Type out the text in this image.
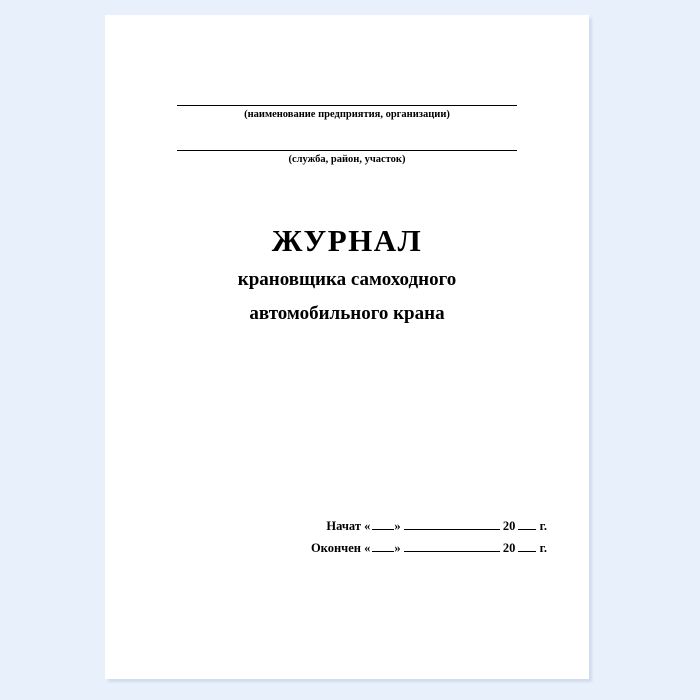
(наименование предприятия, организации)
(служба, район, участок)
ЖУРНАЛ
крановщика самоходного
автомобильного крана
Начат « »	20 г.
Окончен « »	20 г.
